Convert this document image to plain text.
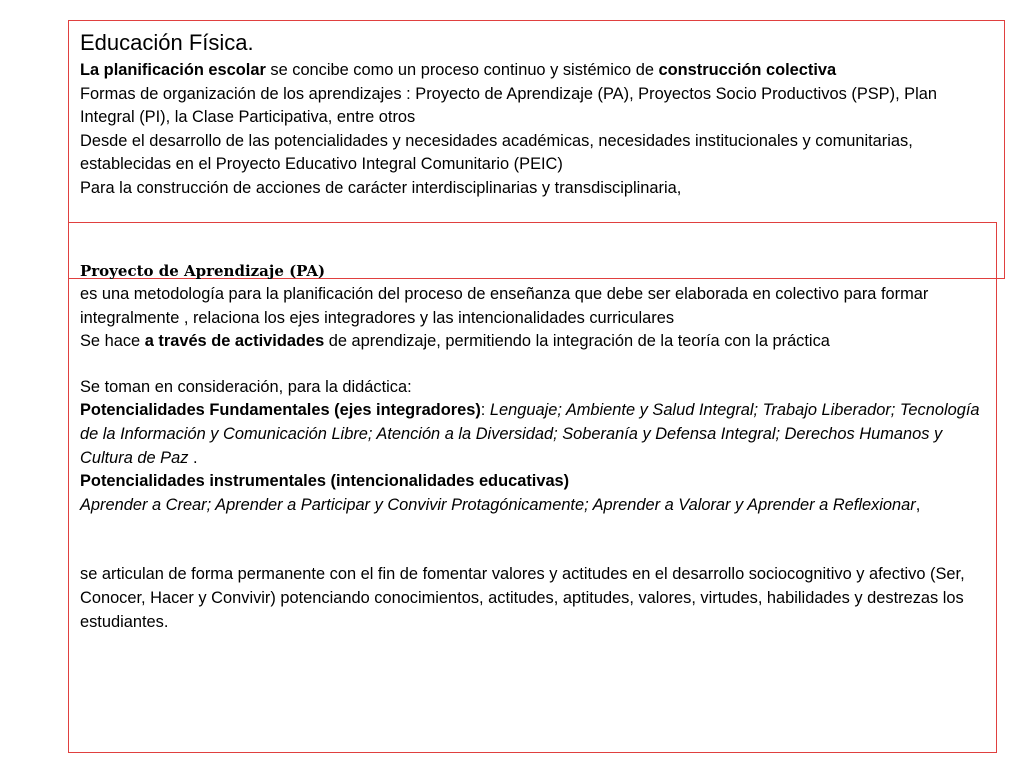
Educación Física.

La planificación escolar se concibe como un proceso continuo y sistémico de construcción colectiva

Formas de organización de los aprendizajes : Proyecto de Aprendizaje (PA), Proyectos Socio Productivos (PSP), Plan Integral (PI), la Clase Participativa, entre otros

Desde el desarrollo de las potencialidades y necesidades académicas, necesidades institucionales y comunitarias, establecidas en el Proyecto Educativo Integral Comunitario (PEIC)

Para la construcción de acciones de carácter interdisciplinarias y transdisciplinaria,

Proyecto de Aprendizaje (PA)

es una metodología para la planificación del proceso de enseñanza que debe ser elaborada en colectivo para formar integralmente , relaciona los ejes integradores y las intencionalidades curriculares

Se hace a través de actividades de aprendizaje, permitiendo la integración de la teoría con la práctica

Se toman en consideración, para la didáctica:

Potencialidades Fundamentales (ejes integradores): Lenguaje; Ambiente y Salud Integral; Trabajo Liberador; Tecnología de la Información y Comunicación Libre; Atención a la Diversidad; Soberanía y Defensa Integral; Derechos Humanos y Cultura de Paz .

Potencialidades instrumentales (intencionalidades educativas)

Aprender a Crear; Aprender a Participar y Convivir Protagónicamente; Aprender a Valorar y Aprender a Reflexionar,

se articulan de forma permanente con el fin de fomentar valores y actitudes en el desarrollo sociocognitivo y afectivo (Ser, Conocer, Hacer y Convivir) potenciando conocimientos, actitudes, aptitudes, valores, virtudes, habilidades y destrezas los estudiantes.
